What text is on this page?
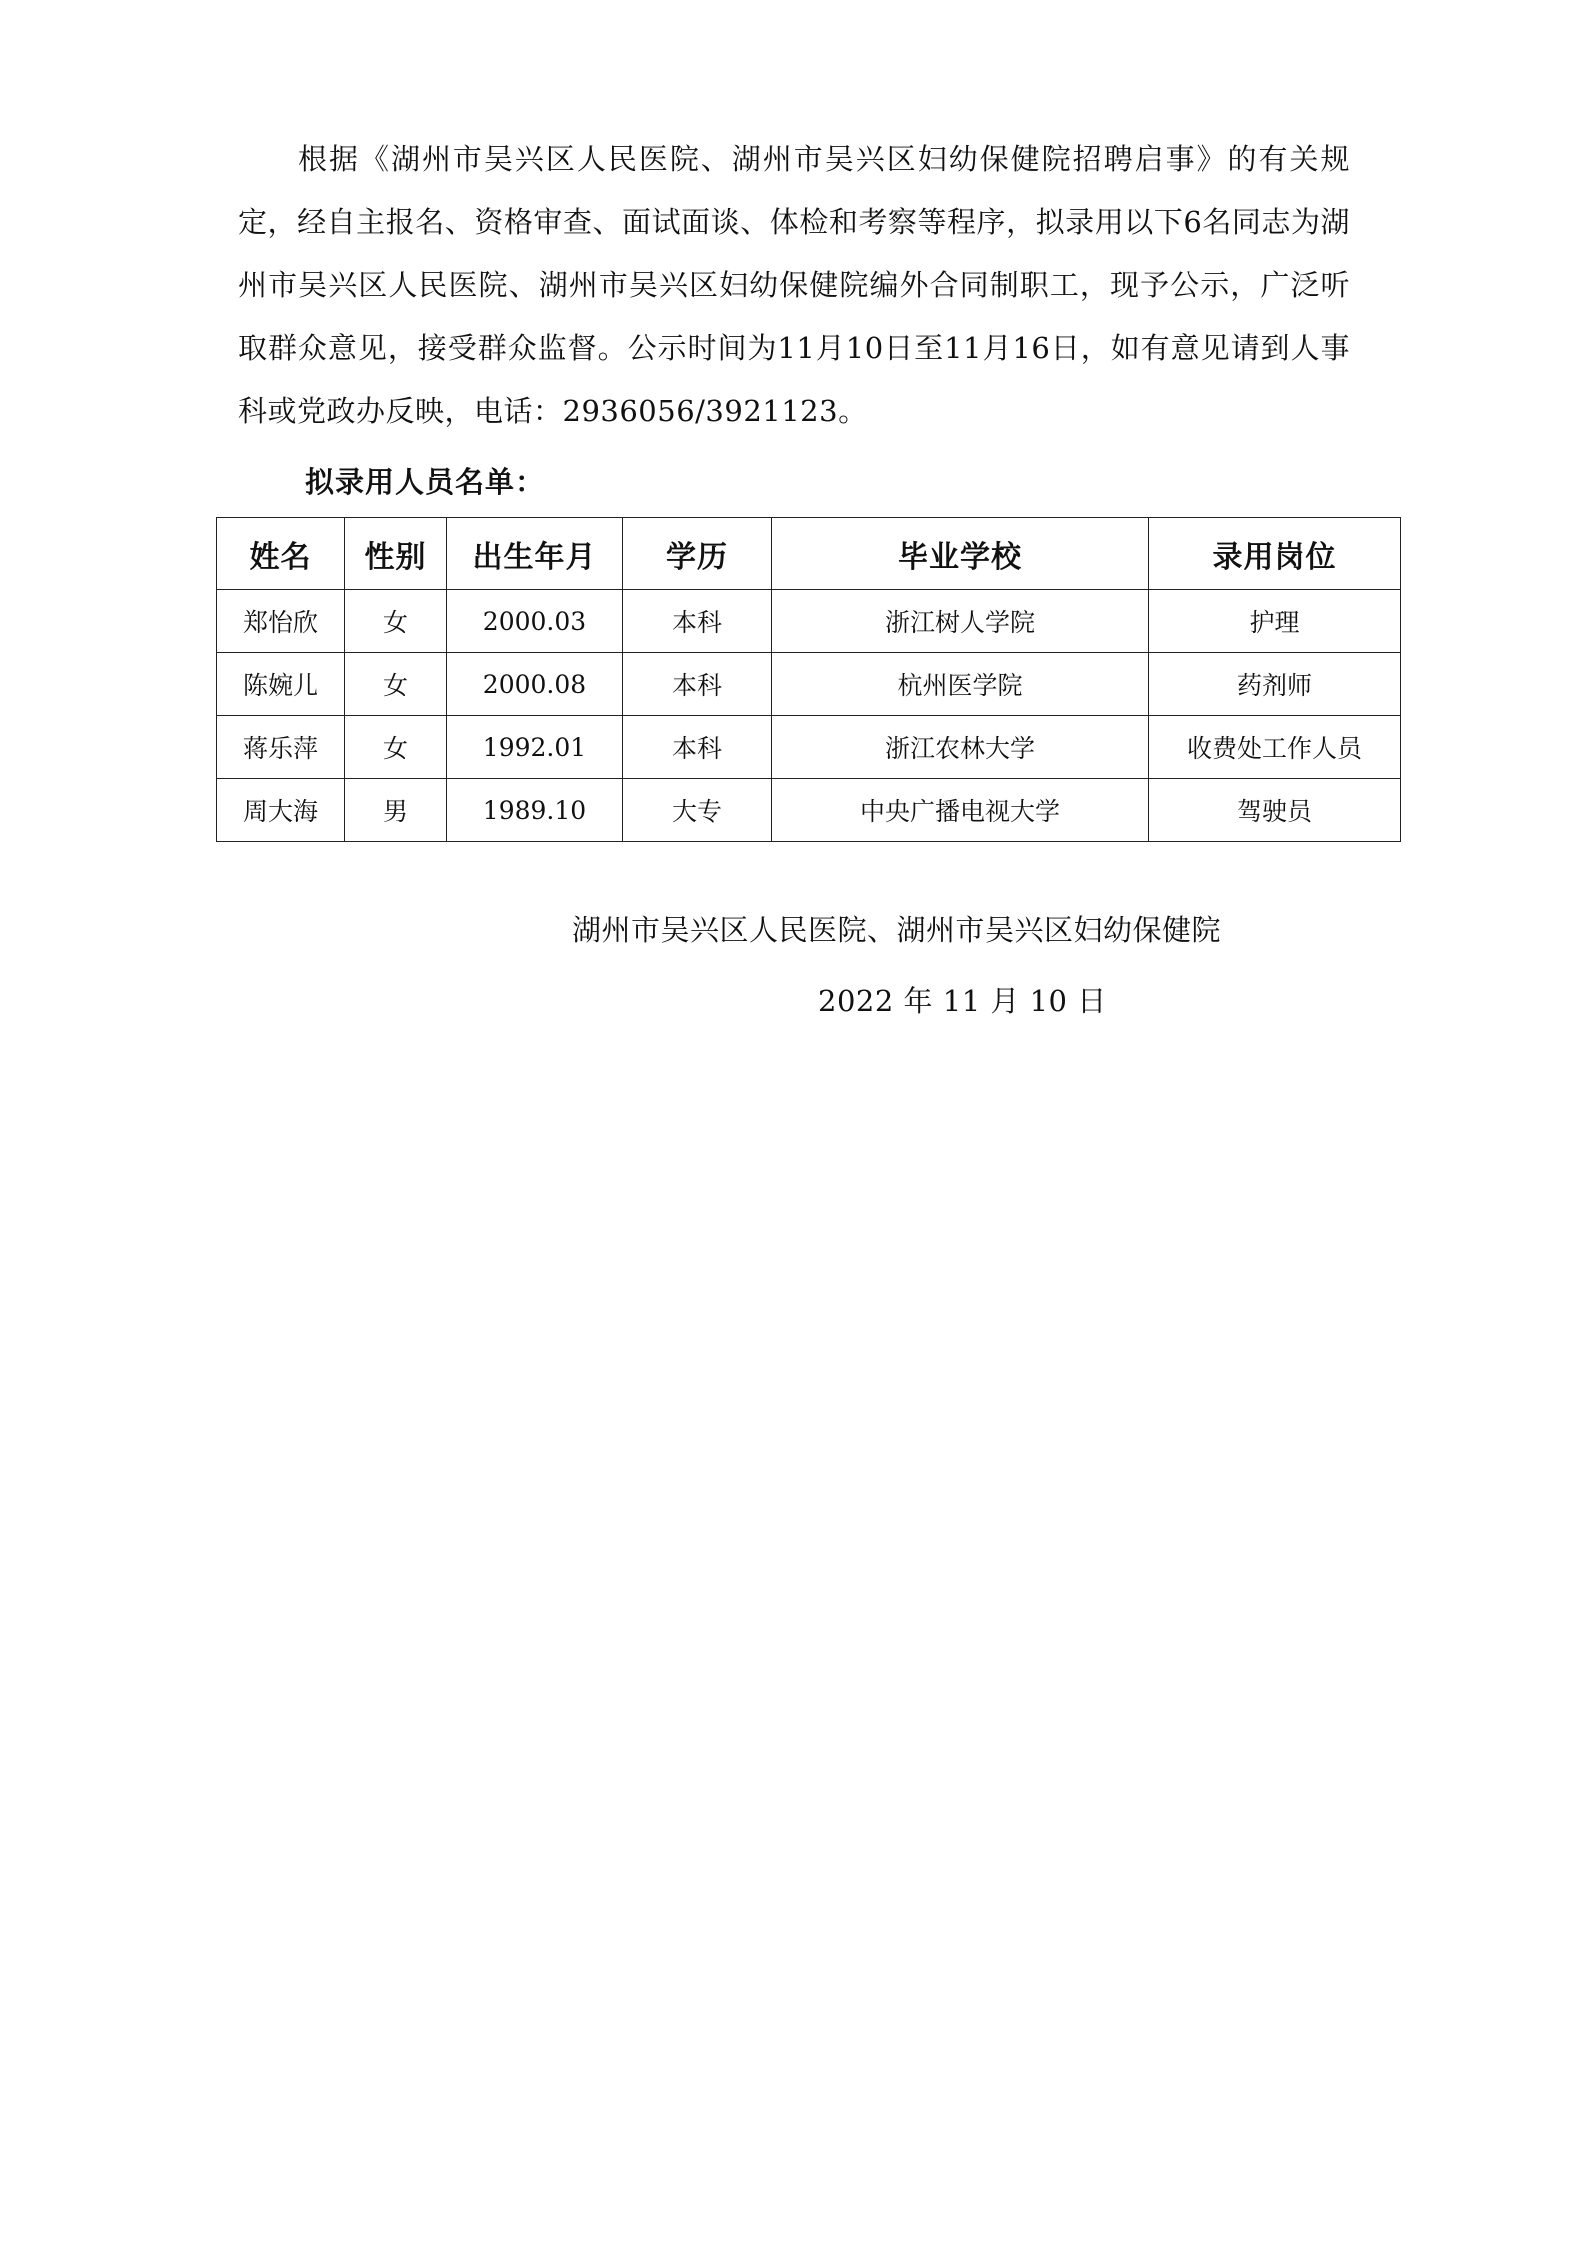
根据《湖州市吴兴区人民医院、湖州市吴兴区妇幼保健院招聘启事》的有关规定，经自主报名、资格审查、面试面谈、体检和考察等程序，拟录用以下6名同志为湖州市吴兴区人民医院、湖州市吴兴区妇幼保健院编外合同制职工，现予公示，广泛听取群众意见，接受群众监督。公示时间为11月10日至11月16日，如有意见请到人事科或党政办反映，电话：2936056/3921123。
拟录用人员名单：
姓名	性别	出生年月	学历	毕业学校	录用岗位
郑怡欣	女	2000.03	本科	浙江树人学院	护理
陈婉儿	女	2000.08	本科	杭州医学院	药剂师
蒋乐萍	女	1992.01	本科	浙江农林大学	收费处工作人员
周大海	男	1989.10	大专	中央广播电视大学	驾驶员
湖州市吴兴区人民医院、湖州市吴兴区妇幼保健院
2022 年 11 月 10 日
